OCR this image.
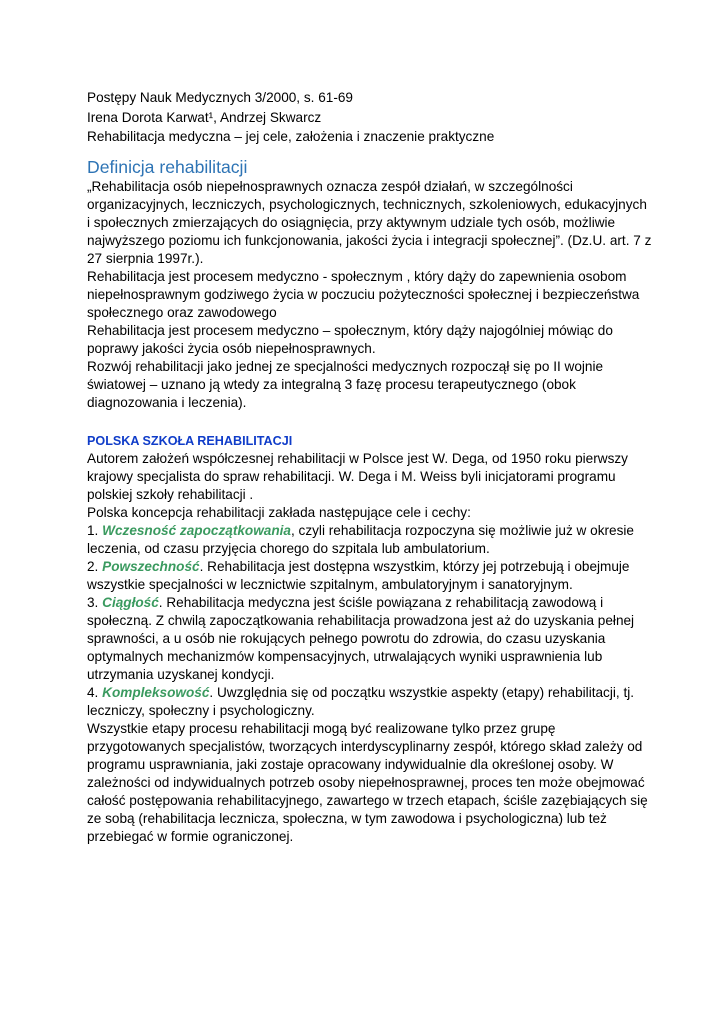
Postępy Nauk Medycznych 3/2000, s. 61-69

Irena Dorota Karwat¹, Andrzej Skwarcz

Rehabilitacja medyczna – jej cele, założenia i znaczenie praktyczne

Definicja rehabilitacji

„Rehabilitacja osób niepełnosprawnych oznacza zespół działań, w szczególności organizacyjnych, leczniczych, psychologicznych, technicznych, szkoleniowych, edukacyjnych i społecznych zmierzających do osiągnięcia, przy aktywnym udziale tych osób, możliwie najwyższego poziomu ich funkcjonowania, jakości życia i integracji społecznej”. (Dz.U. art. 7 z 27 sierpnia 1997r.).

Rehabilitacja jest procesem medyczno - społecznym , który dąży do zapewnienia osobom niepełnosprawnym godziwego życia w poczuciu pożyteczności społecznej i bezpieczeństwa społecznego oraz zawodowego

Rehabilitacja jest procesem medyczno – społecznym, który dąży najogólniej mówiąc do poprawy jakości życia osób niepełnosprawnych.

Rozwój rehabilitacji jako jednej ze specjalności medycznych rozpoczął się po II wojnie światowej – uznano ją wtedy za integralną 3 fazę procesu terapeutycznego (obok diagnozowania i leczenia).

POLSKA SZKOŁA REHABILITACJI

Autorem założeń współczesnej rehabilitacji w Polsce jest W. Dega, od 1950 roku pierwszy krajowy specjalista do spraw rehabilitacji. W. Dega i M. Weiss byli inicjatorami programu polskiej szkoły rehabilitacji .

Polska koncepcja rehabilitacji zakłada następujące cele i cechy:

1. Wczesność zapoczątkowania, czyli rehabilitacja rozpoczyna się możliwie już w okresie leczenia, od czasu przyjęcia chorego do szpitala lub ambulatorium.
2. Powszechność. Rehabilitacja jest dostępna wszystkim, którzy jej potrzebują i obejmuje wszystkie specjalności w lecznictwie szpitalnym, ambulatoryjnym i sanatoryjnym.
3. Ciągłość. Rehabilitacja medyczna jest ściśle powiązana z rehabilitacją zawodową i społeczną. Z chwilą zapoczątkowania rehabilitacja prowadzona jest aż do uzyskania pełnej sprawności, a u osób nie rokujących pełnego powrotu do zdrowia, do czasu uzyskania optymalnych mechanizmów kompensacyjnych, utrwalających wyniki usprawnienia lub utrzymania uzyskanej kondycji.
4. Kompleksowość. Uwzględnia się od początku wszystkie aspekty (etapy) rehabilitacji, tj. leczniczy, społeczny i psychologiczny.

Wszystkie etapy procesu rehabilitacji mogą być realizowane tylko przez grupę przygotowanych specjalistów, tworzących interdyscyplinarny zespół, którego skład zależy od programu usprawniania, jaki zostaje opracowany indywidualnie dla określonej osoby. W zależności od indywidualnych potrzeb osoby niepełnosprawnej, proces ten może obejmować całość postępowania rehabilitacyjnego, zawartego w trzech etapach, ściśle zazębiających się ze sobą (rehabilitacja lecznicza, społeczna, w tym zawodowa i psychologiczna) lub też przebiegać w formie ograniczonej.
